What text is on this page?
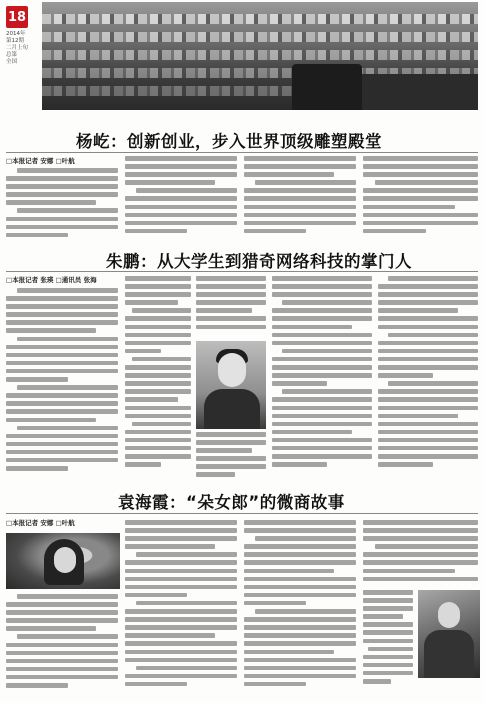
18
2014年
第12期
二月上旬
总第
全国
杨屹：创新创业，步入世界顶级雕塑殿堂
□本报记者 安娜 □叶航
朱鹏：从大学生到猎奇网络科技的掌门人
□本报记者 张瑛 □通讯员 张海
袁海霞：“朵女郎”的微商故事
□本报记者 安娜 □叶航
